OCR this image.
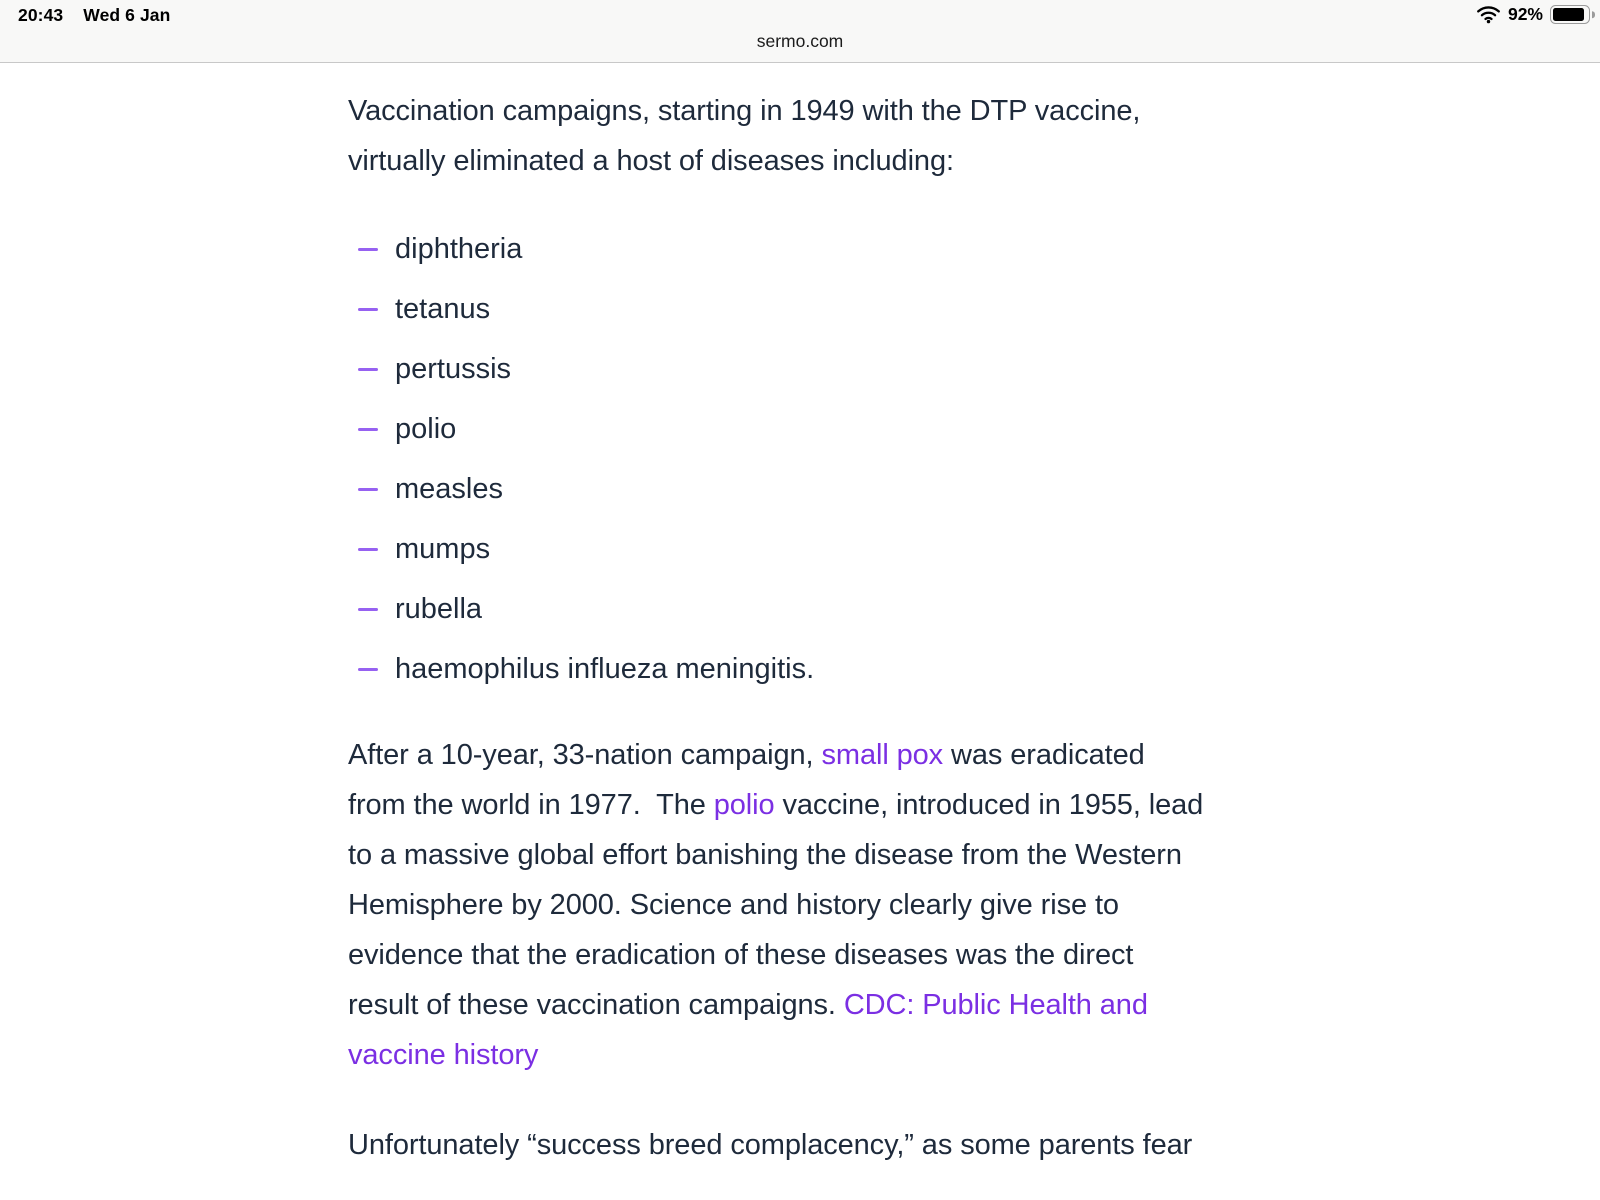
20:43 Wed 6 Jan	92%
sermo.com
Vaccination campaigns, starting in 1949 with the DTP vaccine,
virtually eliminated a host of diseases including:
diphtheria
tetanus
pertussis
polio
measles
mumps
rubella
haemophilus influeza meningitis.
After a 10-year, 33-nation campaign, small pox was eradicated
from the world in 1977.  The polio vaccine, introduced in 1955, lead
to a massive global effort banishing the disease from the Western
Hemisphere by 2000. Science and history clearly give rise to
evidence that the eradication of these diseases was the direct
result of these vaccination campaigns. CDC: Public Health and
vaccine history
Unfortunately “success breed complacency,” as some parents fear
